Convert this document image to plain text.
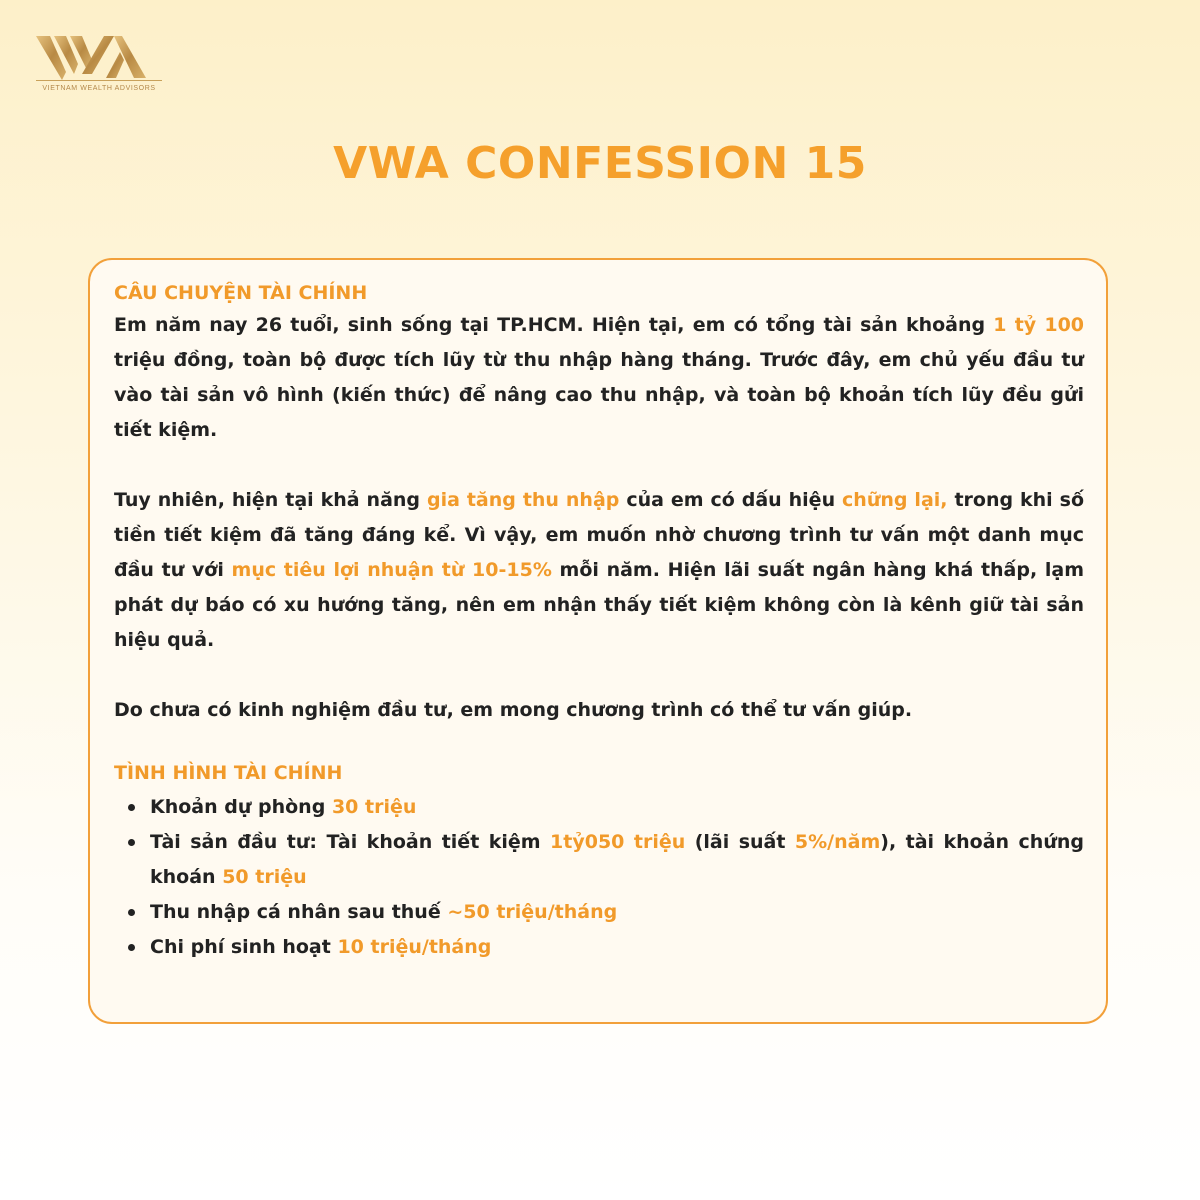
VIETNAM WEALTH ADVISORS
VWA CONFESSION 15

CÂU CHUYỆN TÀI CHÍNH

Em năm nay 26 tuổi, sinh sống tại TP.HCM. Hiện tại, em có tổng tài sản khoảng 1 tỷ 100 triệu đồng, toàn bộ được tích lũy từ thu nhập hàng tháng. Trước đây, em chủ yếu đầu tư vào tài sản vô hình (kiến thức) để nâng cao thu nhập, và toàn bộ khoản tích lũy đều gửi tiết kiệm.

Tuy nhiên, hiện tại khả năng gia tăng thu nhập của em có dấu hiệu chững lại, trong khi số tiền tiết kiệm đã tăng đáng kể. Vì vậy, em muốn nhờ chương trình tư vấn một danh mục đầu tư với mục tiêu lợi nhuận từ 10-15% mỗi năm. Hiện lãi suất ngân hàng khá thấp, lạm phát dự báo có xu hướng tăng, nên em nhận thấy tiết kiệm không còn là kênh giữ tài sản hiệu quả.

Do chưa có kinh nghiệm đầu tư, em mong chương trình có thể tư vấn giúp.

TÌNH HÌNH TÀI CHÍNH

Khoản dự phòng 30 triệu
Tài sản đầu tư: Tài khoản tiết kiệm 1tỷ050 triệu (lãi suất 5%/năm), tài khoản chứng khoán 50 triệu
Thu nhập cá nhân sau thuế ~50 triệu/tháng
Chi phí sinh hoạt 10 triệu/tháng
